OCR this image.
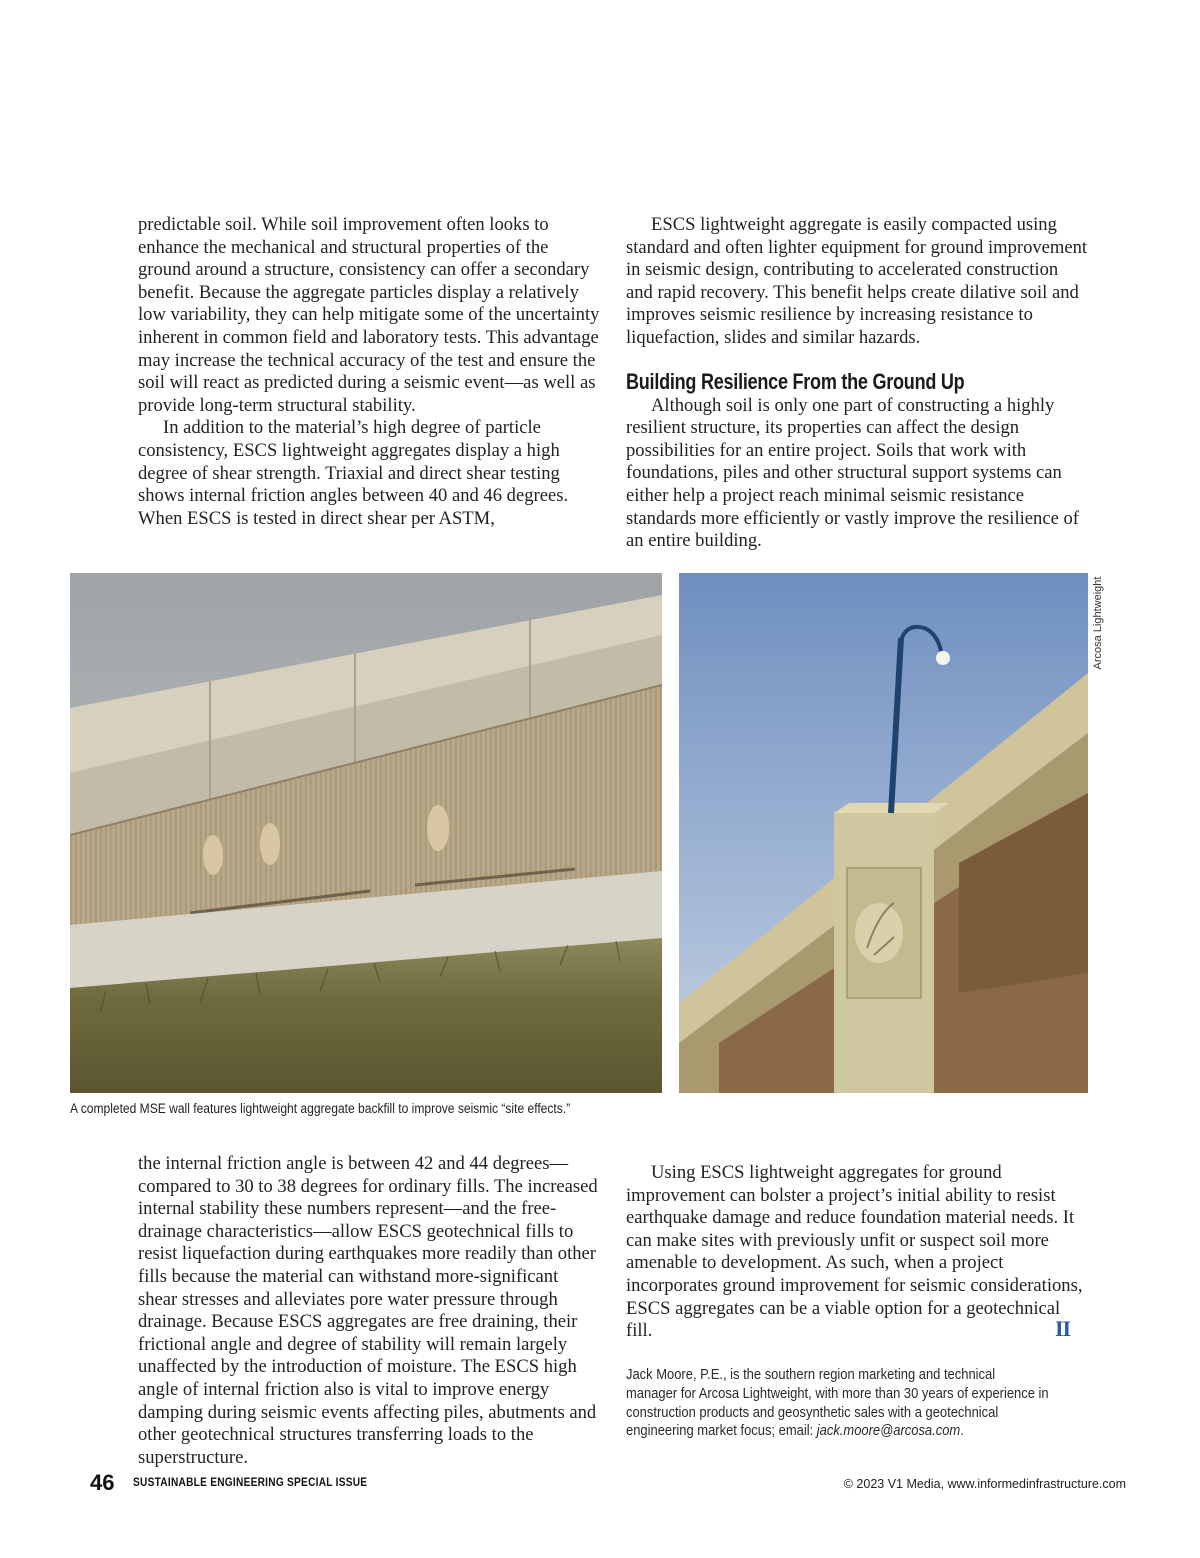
predictable soil. While soil improvement often looks to enhance the mechanical and structural properties of the ground around a structure, consistency can offer a secondary benefit. Because the aggregate particles display a relatively low variability, they can help mitigate some of the uncertainty inherent in common field and laboratory tests. This advantage may increase the technical accuracy of the test and ensure the soil will react as predicted during a seismic event—as well as provide long-term structural stability.

In addition to the material’s high degree of particle consistency, ESCS lightweight aggregates display a high degree of shear strength. Triaxial and direct shear testing shows internal friction angles between 40 and 46 degrees. When ESCS is tested in direct shear per ASTM,

ESCS lightweight aggregate is easily compacted using standard and often lighter equipment for ground improvement in seismic design, contributing to accelerated construction and rapid recovery. This benefit helps create dilative soil and improves seismic resilience by increasing resistance to liquefaction, slides and similar hazards.

Building Resilience From the Ground Up

Although soil is only one part of constructing a highly resilient structure, its properties can affect the design possibilities for an entire project. Soils that work with foundations, piles and other structural support systems can either help a project reach minimal seismic resistance standards more efficiently or vastly improve the resilience of an entire building.

Arcosa Lightweight
A completed MSE wall features lightweight aggregate backfill to improve seismic “site effects.”

the internal friction angle is between 42 and 44 degrees—compared to 30 to 38 degrees for ordinary fills. The increased internal stability these numbers represent—and the free-drainage characteristics—allow ESCS geotechnical fills to resist liquefaction during earthquakes more readily than other fills because the material can withstand more-significant shear stresses and alleviates pore water pressure through drainage. Because ESCS aggregates are free draining, their frictional angle and degree of stability will remain largely unaffected by the introduction of moisture. The ESCS high angle of internal friction also is vital to improve energy damping during seismic events affecting piles, abutments and other geotechnical structures transferring loads to the superstructure.

Using ESCS lightweight aggregates for ground improvement can bolster a project’s initial ability to resist earthquake damage and reduce foundation material needs. It can make sites with previously unfit or suspect soil more amenable to development. As such, when a project incorporates ground improvement for seismic considerations, ESCS aggregates can be a viable option for a geotechnical fill.	II
Jack Moore, P.E., is the southern region marketing and technical manager for Arcosa Lightweight, with more than 30 years of experience in construction products and geosynthetic sales with a geotechnical engineering market focus; email: jack.moore@arcosa.com.
46 SUSTAINABLE ENGINEERING SPECIAL ISSUE	© 2023 V1 Media, www.informedinfrastructure.com
